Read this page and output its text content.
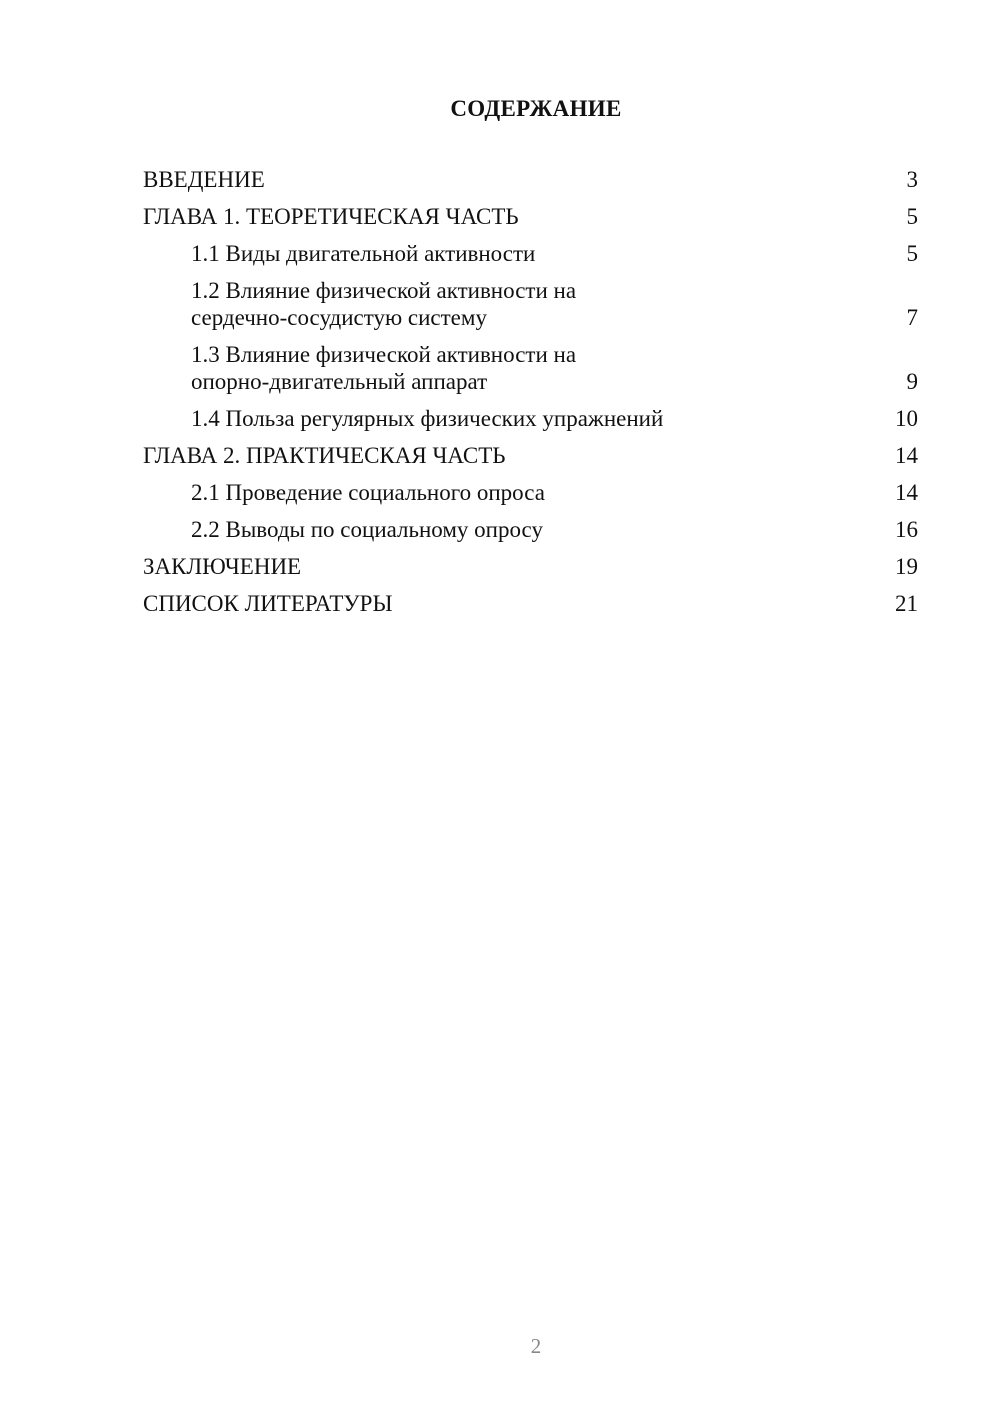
СОДЕРЖАНИЕ
ВВЕДЕНИЕ	3
ГЛАВА 1. ТЕОРЕТИЧЕСКАЯ ЧАСТЬ	5
1.1 Виды двигательной активности	5
1.2 Влияние физической активности на
сердечно-сосудистую систему	7
1.3 Влияние физической активности на
опорно-двигательный аппарат	9
1.4 Польза регулярных физических упражнений	10
ГЛАВА 2. ПРАКТИЧЕСКАЯ ЧАСТЬ	14
2.1 Проведение социального опроса	14
2.2 Выводы по социальному опросу	16
ЗАКЛЮЧЕНИЕ	19
СПИСОК ЛИТЕРАТУРЫ	21
2
